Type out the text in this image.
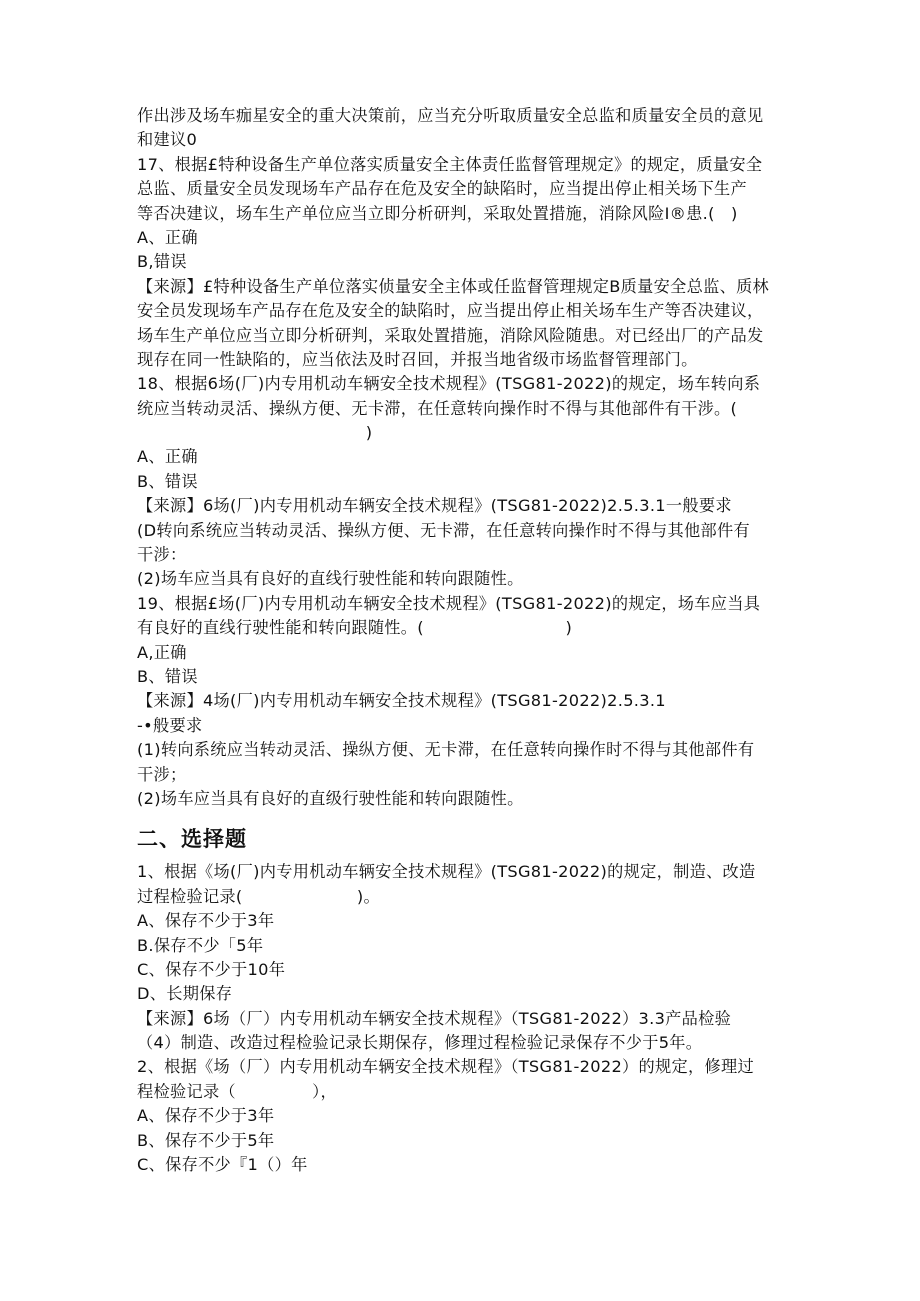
作出涉及场车痂星安全的重大决策前，应当充分听取质量安全总监和质量安全员的意见
和建议0
17、根据£特种设备生产单位落实质量安全主体责任监督管理规定》的规定，质量安全
总监、质量安全员发现场车产品存在危及安全的缺陷时，应当提出停止相关场下生产
等否决建议，场车生产单位应当立即分析研判，采取处置措施，消除风险I®患.(   )
A、正确
B,错误
【来源】£特种设备生产单位落实侦量安全主体或任监督管理规定B质量安全总监、质林
安全员发现场车产品存在危及安全的缺陷时，应当提出停止相关场车生产等否决建议，
场车生产单位应当立即分析研判，采取处置措施，消除风险随患。对已经出厂的产品发
现存在同一性缺陷的，应当依法及时召回，并报当地省级市场监督管理部门。
18、根据6场(厂)内专用机动车辆安全技术规程》(TSG81-2022)的规定，场车转向系
统应当转动灵活、操纵方便、无卡滞，在任意转向操作时不得与其他部件有干涉。(
)
A、正确
B、错误
【来源】6场(厂)内专用机动车辆安全技术规程》(TSG81-2022)2.5.3.1一般要求
(D转向系统应当转动灵活、操纵方便、无卡滞，在任意转向操作时不得与其他部件有
干涉：
(2)场车应当具有良好的直线行驶性能和转向跟随性。
19、根据£场(厂)内专用机动车辆安全技术规程》(TSG81-2022)的规定，场车应当具
有良好的直线行驶性能和转向跟随性。(                          )
A,正确
B、错误
【来源】4场(厂)内专用机动车辆安全技术规程》(TSG81-2022)2.5.3.1
-•般要求
(1)转向系统应当转动灵活、操纵方便、无卡滞，在任意转向操作时不得与其他部件有
干涉；
(2)场车应当具有良好的直级行驶性能和转向跟随性。
二、选择题
1、根据《场(厂)内专用机动车辆安全技术规程》(TSG81-2022)的规定，制造、改造
过程检验记录(                     )。
A、保存不少于3年
B.保存不少「5年
C、保存不少于10年
D、长期保存
【来源】6场（厂）内专用机动车辆安全技术规程》（TSG81-2022）3.3产品检验
（4）制造、改造过程检验记录长期保存，修理过程检验记录保存不少于5年。
2、根据《场（厂）内专用机动车辆安全技术规程》（TSG81-2022）的规定，修理过
程检验记录（              ），
A、保存不少于3年
B、保存不少于5年
C、保存不少『1（）年
